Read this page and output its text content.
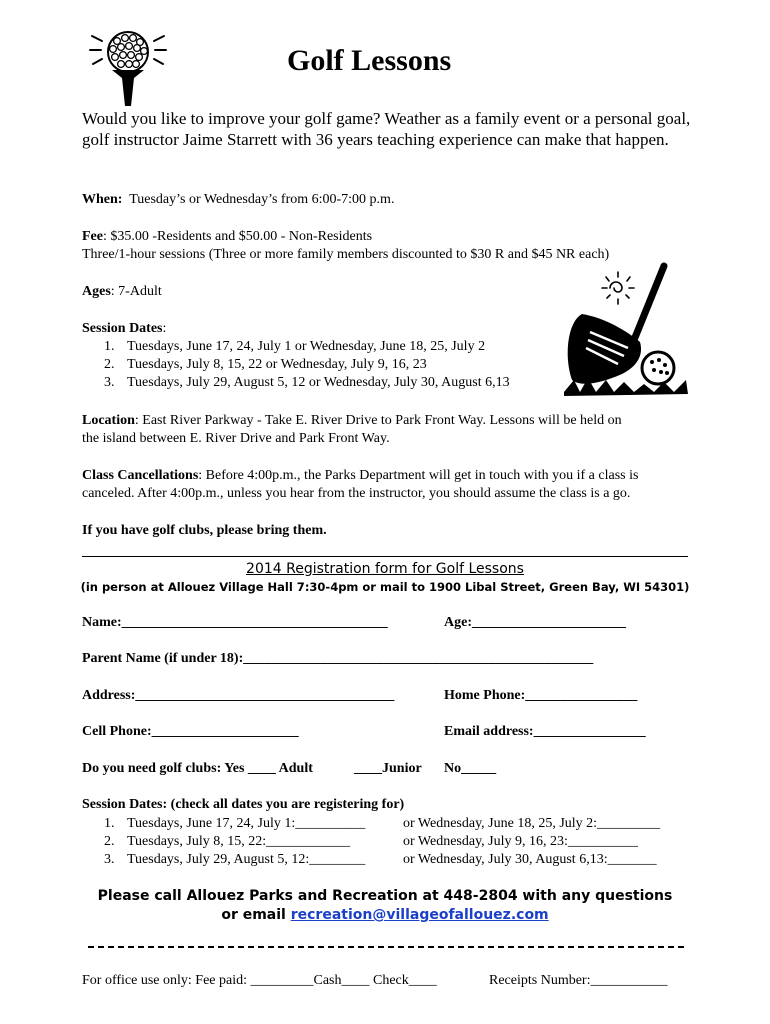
Golf Lessons
Would you like to improve your golf game? Weather as a family event or a personal goal, golf instructor Jaime Starrett with 36 years teaching experience can make that happen.
When: Tuesday’s or Wednesday’s from 6:00-7:00 p.m.
Fee: $35.00 -Residents and $50.00 - Non-Residents
Three/1-hour sessions (Three or more family members discounted to $30 R and $45 NR each)
Ages: 7-Adult
Session Dates:
1. Tuesdays, June 17, 24, July 1 or Wednesday, June 18, 25, July 2
2. Tuesdays, July 8, 15, 22 or Wednesday, July 9, 16, 23
3. Tuesdays, July 29, August 5, 12 or Wednesday, July 30, August 6,13
Location: East River Parkway - Take E. River Drive to Park Front Way. Lessons will be held on
the island between E. River Drive and Park Front Way.
Class Cancellations: Before 4:00p.m., the Parks Department will get in touch with you if a class is
canceled. After 4:00p.m., unless you hear from the instructor, you should assume the class is a go.
If you have golf clubs, please bring them.
2014 Registration form for Golf Lessons
(in person at Allouez Village Hall 7:30-4pm or mail to 1900 Libal Street, Green Bay, WI 54301)
Name:______________________________________	Age:______________________
Parent Name (if under 18):__________________________________________________
Address:_____________________________________	Home Phone:________________
Cell Phone:_____________________	Email address:________________
Do you need golf clubs: Yes ____ Adult	____Junior No_____
Session Dates: (check all dates you are registering for)
1. Tuesdays, June 17, 24, July 1:__________	or Wednesday, June 18, 25, July 2:_________
2. Tuesdays, July 8, 15, 22:____________	or Wednesday, July 9, 16, 23:__________
3. Tuesdays, July 29, August 5, 12:________	or Wednesday, July 30, August 6,13:_______
Please call Allouez Parks and Recreation at 448-2804 with any questions
or email recreation@villageofallouez.com
For office use only: Fee paid: _________Cash____ Check____	Receipts Number:___________
